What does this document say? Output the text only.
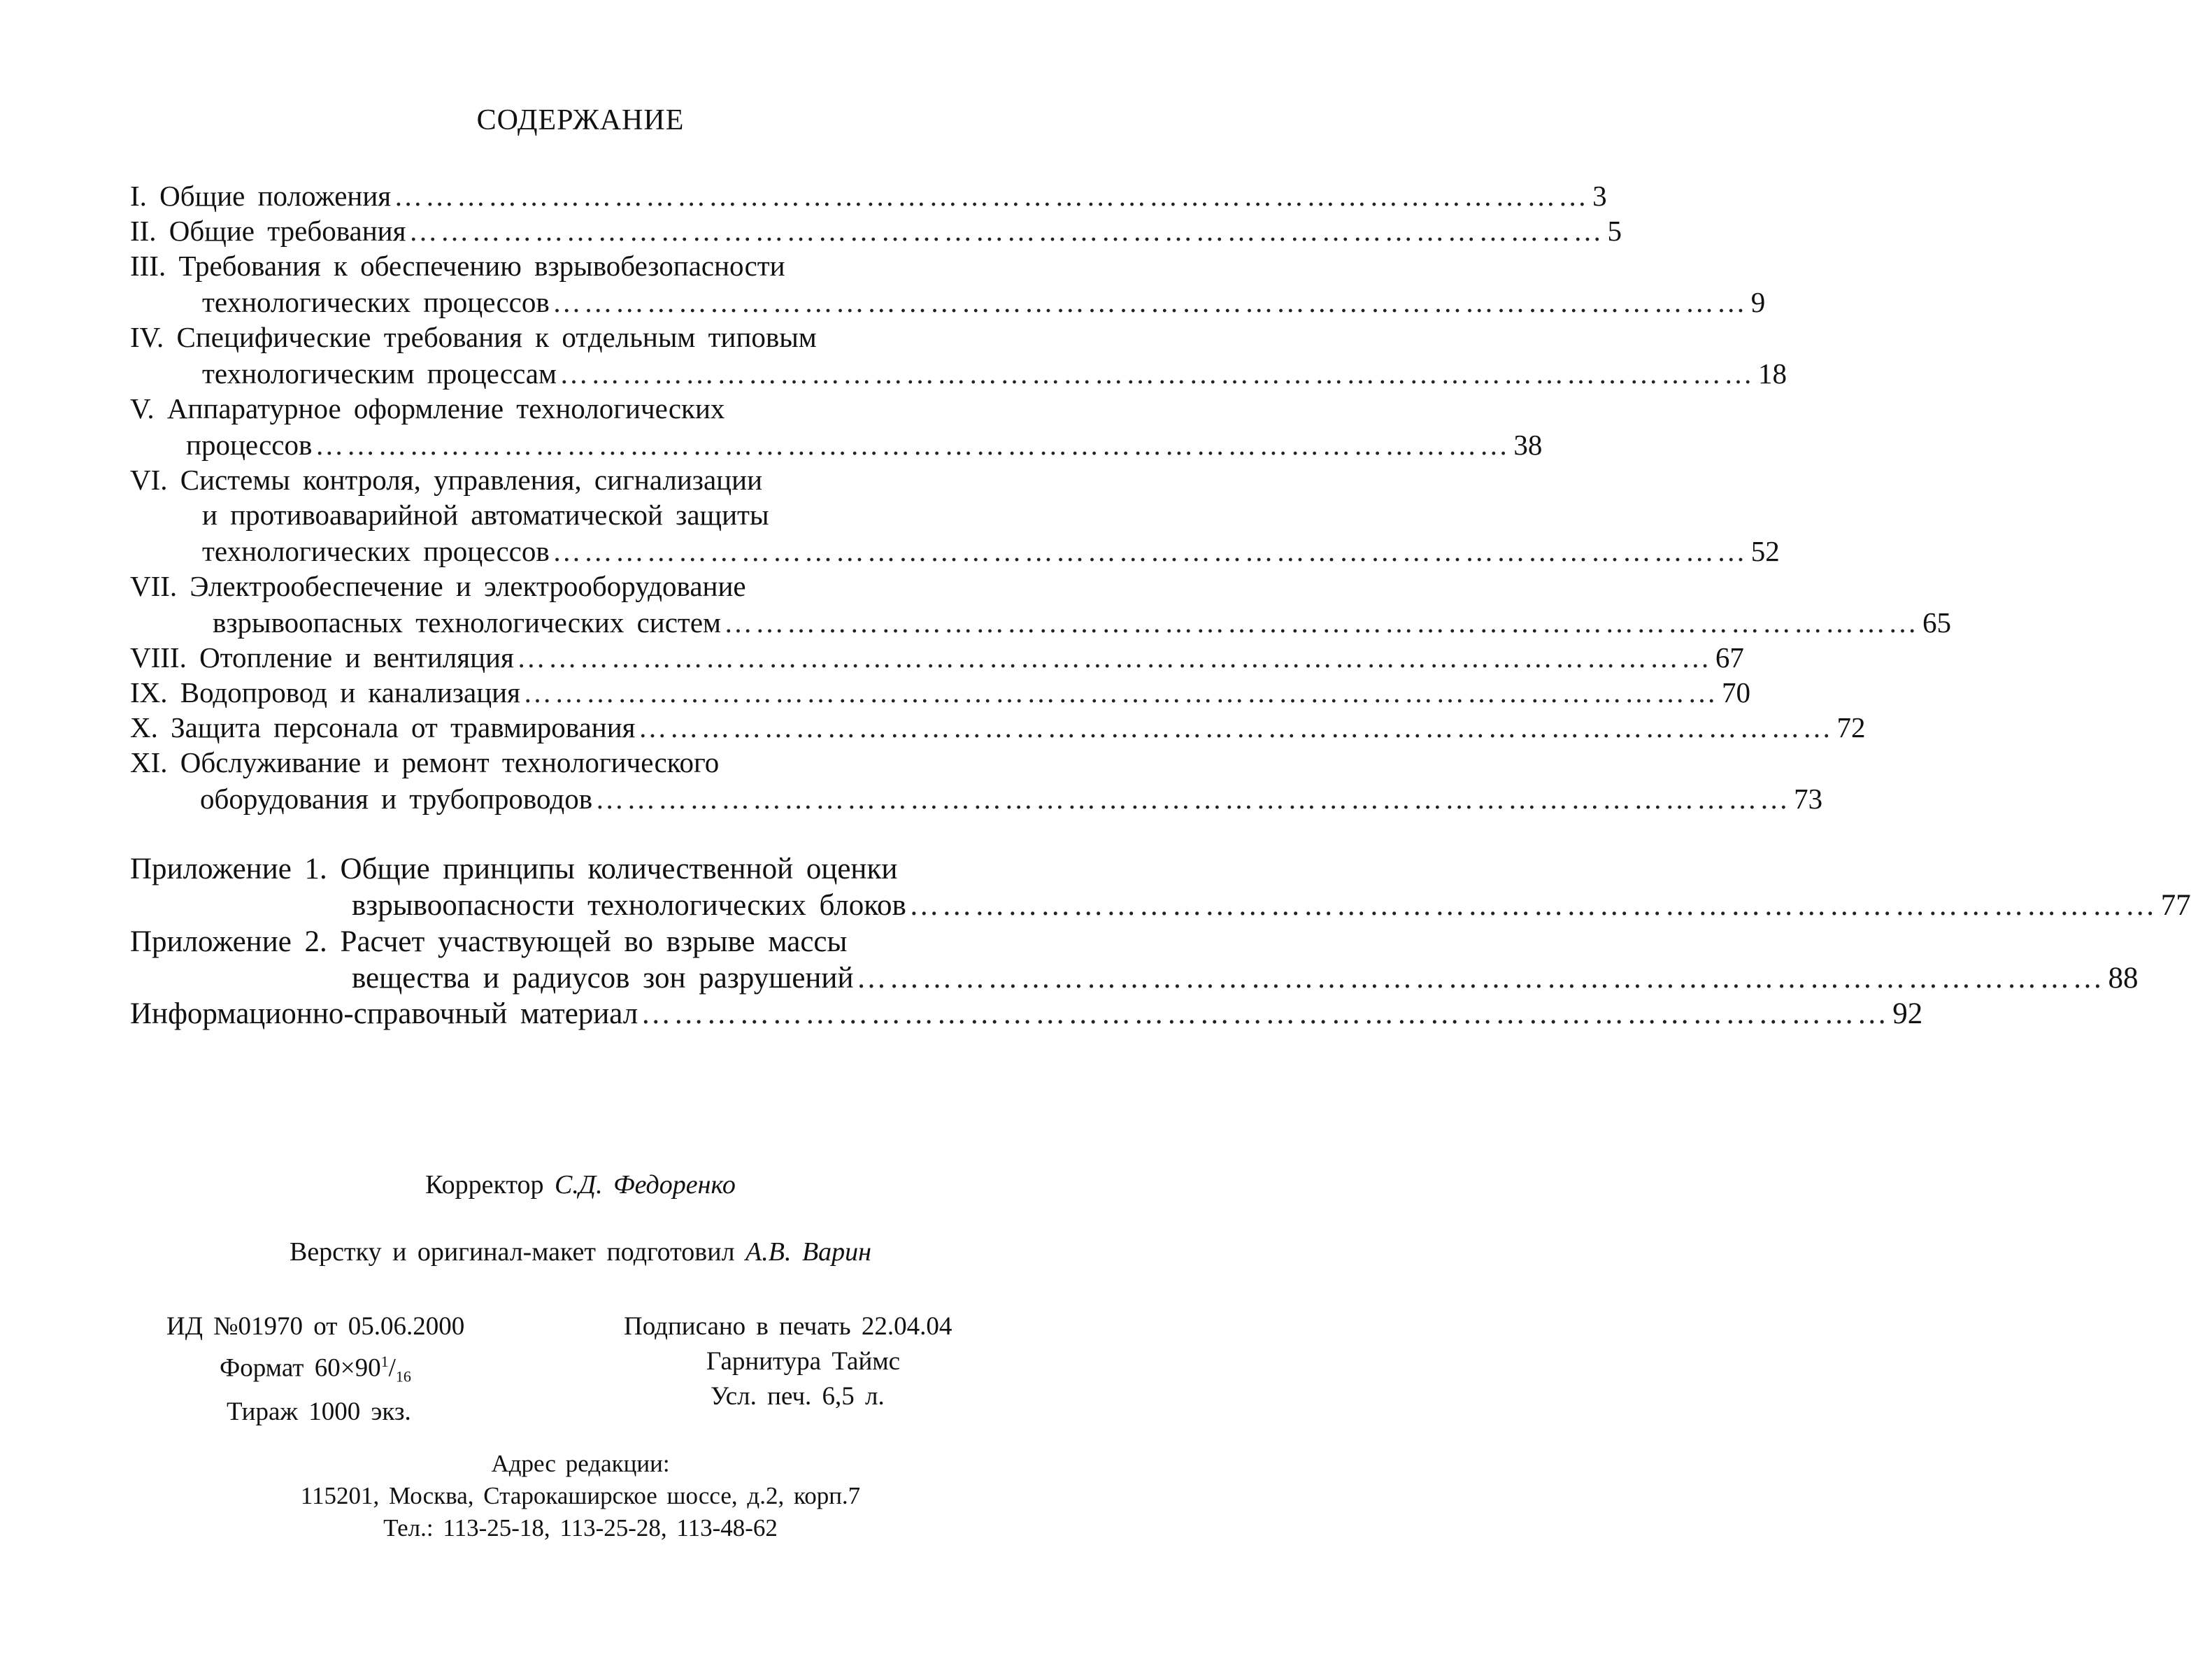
СОДЕРЖАНИЕ
I. Общие положения …………………………………………………………………………………………………… 3
II. Общие требования …………………………………………………………………………………………………… 5
III. Требования к обеспечению взрывобезопасности
технологических процессов …………………………………………………………………………………………………… 9
IV. Специфические требования к отдельным типовым
технологическим процессам …………………………………………………………………………………………………… 18
V. Аппаратурное оформление технологических
процессов …………………………………………………………………………………………………… 38
VI. Системы контроля, управления, сигнализации
и противоаварийной автоматической защиты
технологических процессов …………………………………………………………………………………………………… 52
VII. Электрообеспечение и электрооборудование
взрывоопасных технологических систем …………………………………………………………………………………………………… 65
VIII. Отопление и вентиляция …………………………………………………………………………………………………… 67
IX. Водопровод и канализация …………………………………………………………………………………………………… 70
X. Защита персонала от травмирования …………………………………………………………………………………………………… 72
XI. Обслуживание и ремонт технологического
оборудования и трубопроводов …………………………………………………………………………………………………… 73
Приложение 1. Общие принципы количественной оценки
взрывоопасности технологических блоков …………………………………………………………………………………………………… 77
Приложение 2. Расчет участвующей во взрыве массы
вещества и радиусов зон разрушений …………………………………………………………………………………………………… 88
Информационно-справочный материал …………………………………………………………………………………………………… 92
Корректор С.Д. Федоренко
Верстку и оригинал-макет подготовил А.В. Варин
ИД №01970 от 05.06.2000
Формат $60\times 90^1/_{16}$
Тираж 1000 экз.
Подписано в печать 22.04.04
Гарнитура Таймс
Усл. печ. 6,5 л.
Адрес редакции:
115201, Москва, Старокаширское шоссе, д.2, корп.7
Тел.: 113-25-18, 113-25-28, 113-48-62
